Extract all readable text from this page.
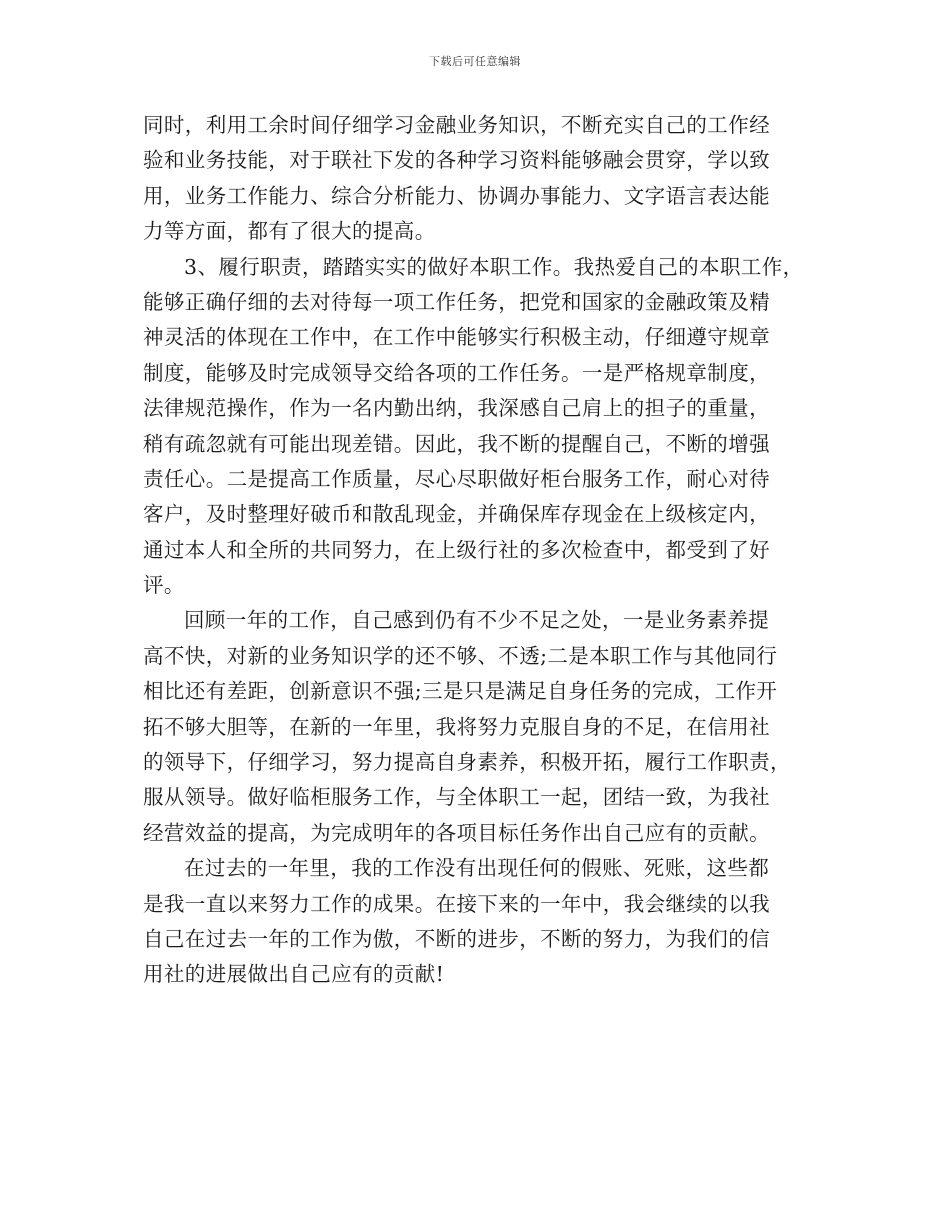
下载后可任意编辑
同时，利用工余时间仔细学习金融业务知识，不断充实自己的工作经
验和业务技能，对于联社下发的各种学习资料能够融会贯穿，学以致
用，业务工作能力、综合分析能力、协调办事能力、文字语言表达能
力等方面，都有了很大的提高。
3、履行职责，踏踏实实的做好本职工作。我热爱自己的本职工作，
能够正确仔细的去对待每一项工作任务，把党和国家的金融政策及精
神灵活的体现在工作中，在工作中能够实行积极主动，仔细遵守规章
制度，能够及时完成领导交给各项的工作任务。一是严格规章制度，
法律规范操作，作为一名内勤出纳，我深感自己肩上的担子的重量，
稍有疏忽就有可能出现差错。因此，我不断的提醒自己，不断的增强
责任心。二是提高工作质量，尽心尽职做好柜台服务工作，耐心对待
客户，及时整理好破币和散乱现金，并确保库存现金在上级核定内，
通过本人和全所的共同努力，在上级行社的多次检查中，都受到了好
评。
回顾一年的工作，自己感到仍有不少不足之处，一是业务素养提
高不快，对新的业务知识学的还不够、不透;二是本职工作与其他同行
相比还有差距，创新意识不强;三是只是满足自身任务的完成，工作开
拓不够大胆等，在新的一年里，我将努力克服自身的不足，在信用社
的领导下，仔细学习，努力提高自身素养，积极开拓，履行工作职责，
服从领导。做好临柜服务工作，与全体职工一起，团结一致，为我社
经营效益的提高，为完成明年的各项目标任务作出自己应有的贡献。
在过去的一年里，我的工作没有出现任何的假账、死账，这些都
是我一直以来努力工作的成果。在接下来的一年中，我会继续的以我
自己在过去一年的工作为傲，不断的进步，不断的努力，为我们的信
用社的进展做出自己应有的贡献!
